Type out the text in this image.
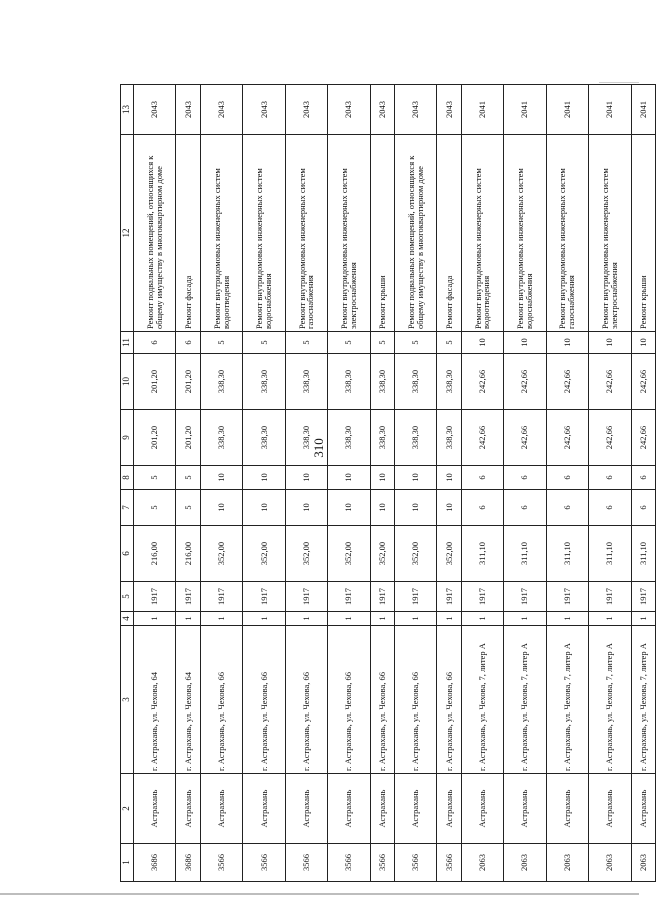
310
1	2	3	4	5	6	7	8	9	10	11	12	13
3686	Астрахань	г. Астрахань, ул. Чехова, 64	1	1917	216,00	5	5	201,20	201,20	6	Ремонт подвальных помещений, относящихся к общему имуществу в многоквартирном доме	2043
3686	Астрахань	г. Астрахань, ул. Чехова, 64	1	1917	216,00	5	5	201,20	201,20	6	Ремонт фасада	2043
3566	Астрахань	г. Астрахань, ул. Чехова, 66	1	1917	352,00	10	10	338,30	338,30	5	Ремонт внутридомовых инженерных систем водоотведения	2043
3566	Астрахань	г. Астрахань, ул. Чехова, 66	1	1917	352,00	10	10	338,30	338,30	5	Ремонт внутридомовых инженерных систем водоснабжения	2043
3566	Астрахань	г. Астрахань, ул. Чехова, 66	1	1917	352,00	10	10	338,30	338,30	5	Ремонт внутридомовых инженерных систем газоснабжения	2043
3566	Астрахань	г. Астрахань, ул. Чехова, 66	1	1917	352,00	10	10	338,30	338,30	5	Ремонт внутридомовых инженерных систем электроснабжения	2043
3566	Астрахань	г. Астрахань, ул. Чехова, 66	1	1917	352,00	10	10	338,30	338,30	5	Ремонт крыши	2043
3566	Астрахань	г. Астрахань, ул. Чехова, 66	1	1917	352,00	10	10	338,30	338,30	5	Ремонт подвальных помещений, относящихся к общему имуществу в многоквартирном доме	2043
3566	Астрахань	г. Астрахань, ул. Чехова, 66	1	1917	352,00	10	10	338,30	338,30	5	Ремонт фасада	2043
2063	Астрахань	г. Астрахань, ул. Чехова, 7, литер А	1	1917	311,10	6	6	242,66	242,66	10	Ремонт внутридомовых инженерных систем водоотведения	2041
2063	Астрахань	г. Астрахань, ул. Чехова, 7, литер А	1	1917	311,10	6	6	242,66	242,66	10	Ремонт внутридомовых инженерных систем водоснабжения	2041
2063	Астрахань	г. Астрахань, ул. Чехова, 7, литер А	1	1917	311,10	6	6	242,66	242,66	10	Ремонт внутридомовых инженерных систем газоснабжения	2041
2063	Астрахань	г. Астрахань, ул. Чехова, 7, литер А	1	1917	311,10	6	6	242,66	242,66	10	Ремонт внутридомовых инженерных систем электроснабжения	2041
2063	Астрахань	г. Астрахань, ул. Чехова, 7, литер А	1	1917	311,10	6	6	242,66	242,66	10	Ремонт крыши	2041
